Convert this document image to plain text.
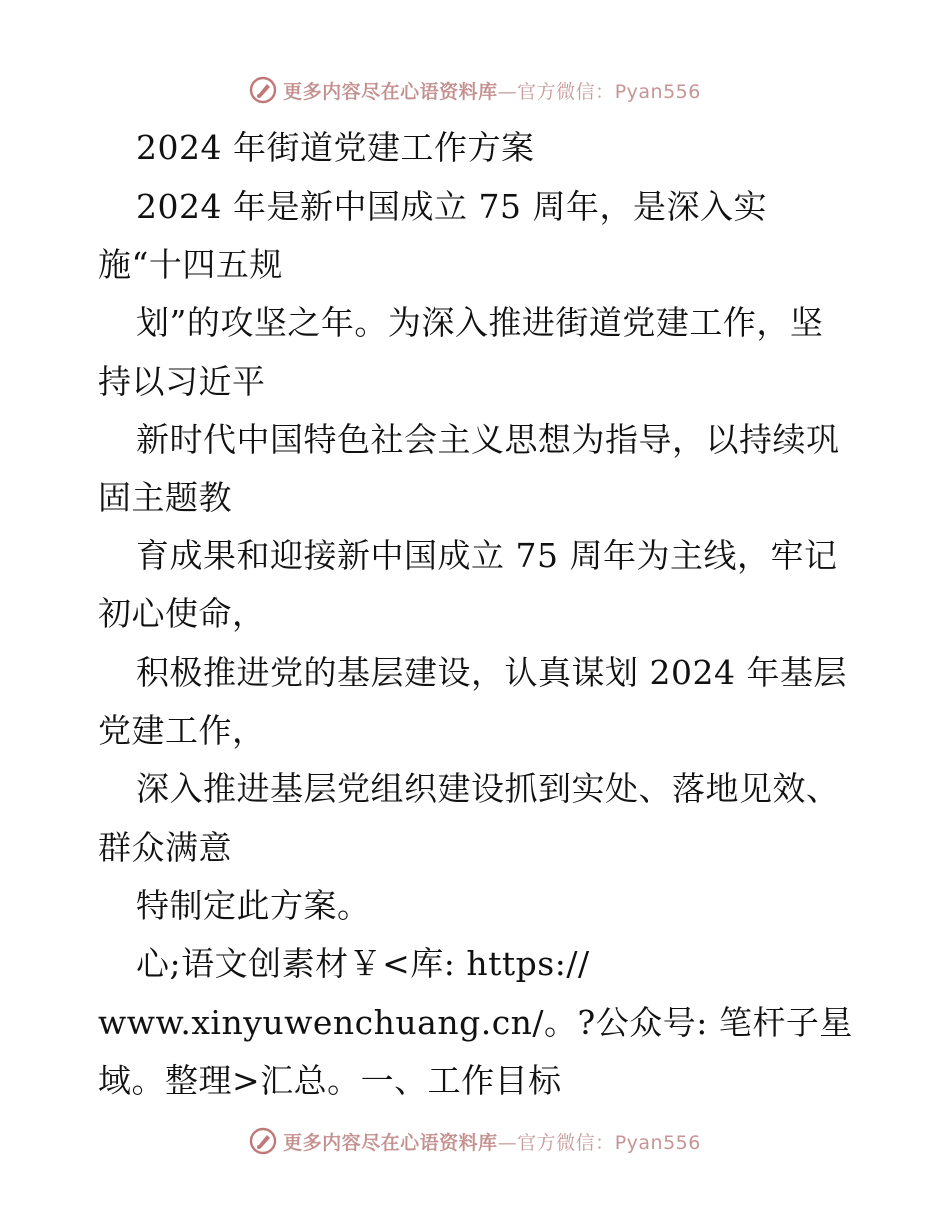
更多内容尽在心语资料库—官方微信：Pyan556
2024 年街道党建工作方案
2024 年是新中国成立 75 周年，是深入实
施“十四五规
划”的攻坚之年。为深入推进街道党建工作，坚
持以习近平
新时代中国特色社会主义思想为指导，以持续巩
固主题教
育成果和迎接新中国成立 75 周年为主线，牢记
初心使命，
积极推进党的基层建设，认真谋划 2024 年基层
党建工作，
深入推进基层党组织建设抓到实处、落地见效、
群众满意
特制定此方案。
心;语文创素材￥<库: https://
www.xinyuwenchuang.cn/。?公众号: 笔杆子星
域。整理>汇总。一、工作目标
更多内容尽在心语资料库—官方微信：Pyan556
